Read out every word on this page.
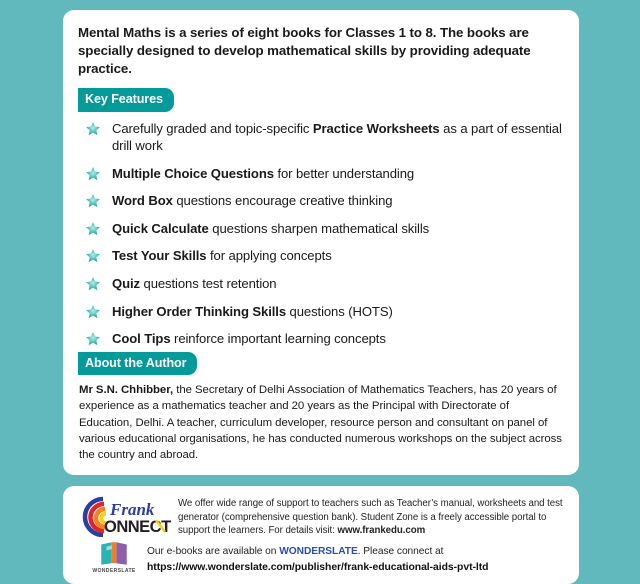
Mental Maths is a series of eight books for Classes 1 to 8. The books are specially designed to develop mathematical skills by providing adequate practice.

Key Features
Carefully graded and topic-specific Practice Worksheets as a part of essential drill work
Multiple Choice Questions for better understanding
Word Box questions encourage creative thinking
Quick Calculate questions sharpen mathematical skills
Test Your Skills for applying concepts
Quiz questions test retention
Higher Order Thinking Skills questions (HOTS)
Cool Tips reinforce important learning concepts
About the Author

Mr S.N. Chhibber, the Secretary of Delhi Association of Mathematics Teachers, has 20 years of experience as a mathematics teacher and 20 years as the Principal with Directorate of Education, Delhi. A teacher, curriculum developer, resource person and consultant on panel of various educational organisations, he has conducted numerous workshops on the subject across the country and abroad.

Frank
ONNECT
We offer wide range of support to teachers such as Teacher’s manual, worksheets and test generator (comprehensive question bank). Student Zone is a freely accessible portal to support the learners. For details visit: www.frankedu.com
WONDERSLATE
Our e-books are available on WONDERSLATE. Please connect at
https://www.wonderslate.com/publisher/frank-educational-aids-pvt-ltd
